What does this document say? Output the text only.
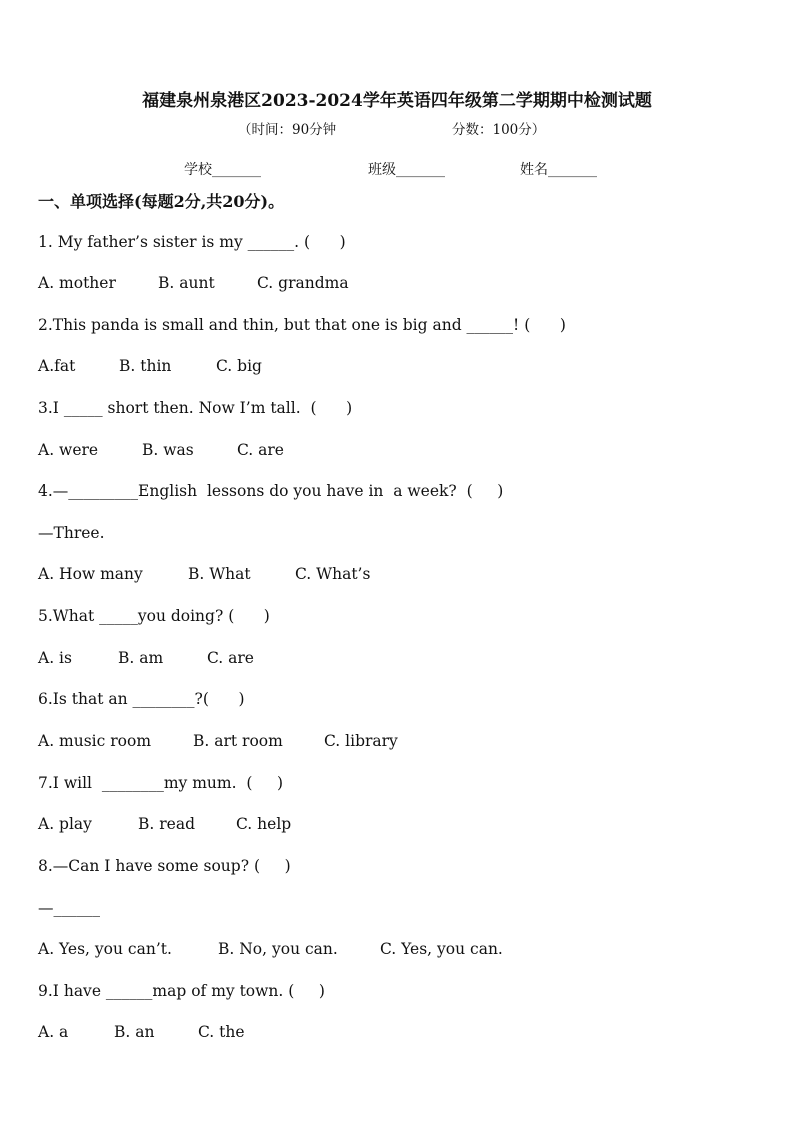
福建泉州泉港区2023-2024学年英语四年级第二学期期中检测试题
（时间：90分钟	分数：100分）
学校_______	班级_______	姓名_______
一、单项选择(每题2分,共20分)。
1. My father’s sister is my ______. (      )
A. mother	B. aunt	C. grandma
2.This panda is small and thin, but that one is big and ______! (      )
A.fat	B. thin	C. big
3.I _____ short then. Now I’m tall.  (      )
A. were	B. was	C. are
4.—_________English  lessons do you have in  a week?  (     )
—Three.
A. How many	B. What	C. What’s
5.What _____you doing? (      )
A. is	B. am	C. are
6.Is that an ________?(      )
A. music room	B. art room	C. library
7.I will  ________my mum.  (     )
A. play	B. read	C. help
8.—Can I have some soup? (     )
—______
A. Yes, you can’t.	B. No, you can.	C. Yes, you can.
9.I have ______map of my town. (     )
A. a	B. an	C. the
